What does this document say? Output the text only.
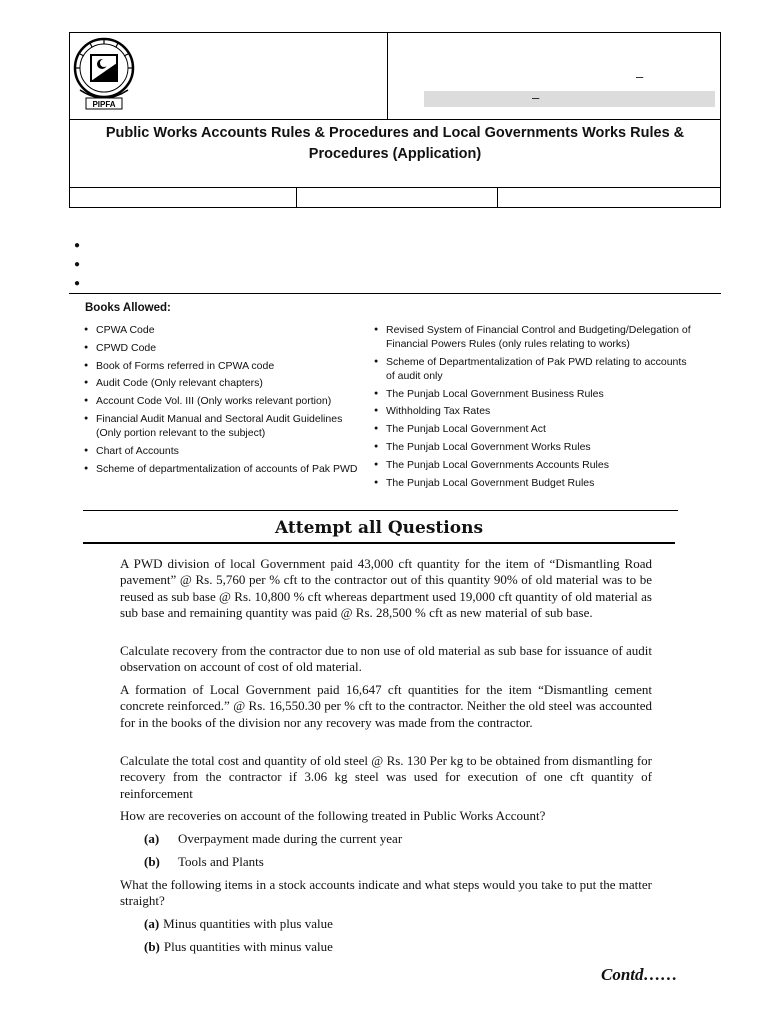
PIPFA
–
–
Public Works Accounts Rules & Procedures and Local Governments Works Rules & Procedures (Application)
●
●
●
Books Allowed:
● CPWA Code
● CPWD Code
● Book of Forms referred in CPWA code
● Audit Code (Only relevant chapters)
● Account Code Vol. III (Only works relevant portion)
● Financial Audit Manual and Sectoral Audit Guidelines (Only portion relevant to the subject)
● Chart of Accounts
● Scheme of departmentalization of accounts of Pak PWD
● Revised System of Financial Control and Budgeting/Delegation of Financial Powers Rules (only rules relating to works)
● Scheme of Departmentalization of Pak PWD relating to accounts of audit only
● The Punjab Local Government Business Rules
● Withholding Tax Rates
● The Punjab Local Government Act
● The Punjab Local Government Works Rules
● The Punjab Local Governments Accounts Rules
● The Punjab Local Government Budget Rules
Attempt all Questions
A PWD division of local Government paid 43,000 cft quantity for the item of “Dismantling Road pavement” @ Rs. 5,760 per % cft to the contractor out of this quantity 90% of old material was to be reused as sub base @ Rs. 10,800 % cft whereas department used 19,000 cft quantity of old material as sub base and remaining quantity was paid @ Rs. 28,500 % cft as new material of sub base.
Calculate recovery from the contractor due to non use of old material as sub base for issuance of audit observation on account of cost of old material.
A formation of Local Government paid 16,647 cft quantities for the item “Dismantling cement concrete reinforced.” @ Rs. 16,550.30 per % cft to the contractor. Neither the old steel was accounted for in the books of the division nor any recovery was made from the contractor.
Calculate the total cost and quantity of old steel @ Rs. 130 Per kg to be obtained from dismantling for recovery from the contractor if 3.06 kg steel was used for execution of one cft quantity of reinforcement
How are recoveries on account of the following treated in Public Works Account?
(a) Overpayment made during the current year
(b) Tools and Plants
What the following items in a stock accounts indicate and what steps would you take to put the matter straight?
(a) Minus quantities with plus value
(b) Plus quantities with minus value
Contd……
